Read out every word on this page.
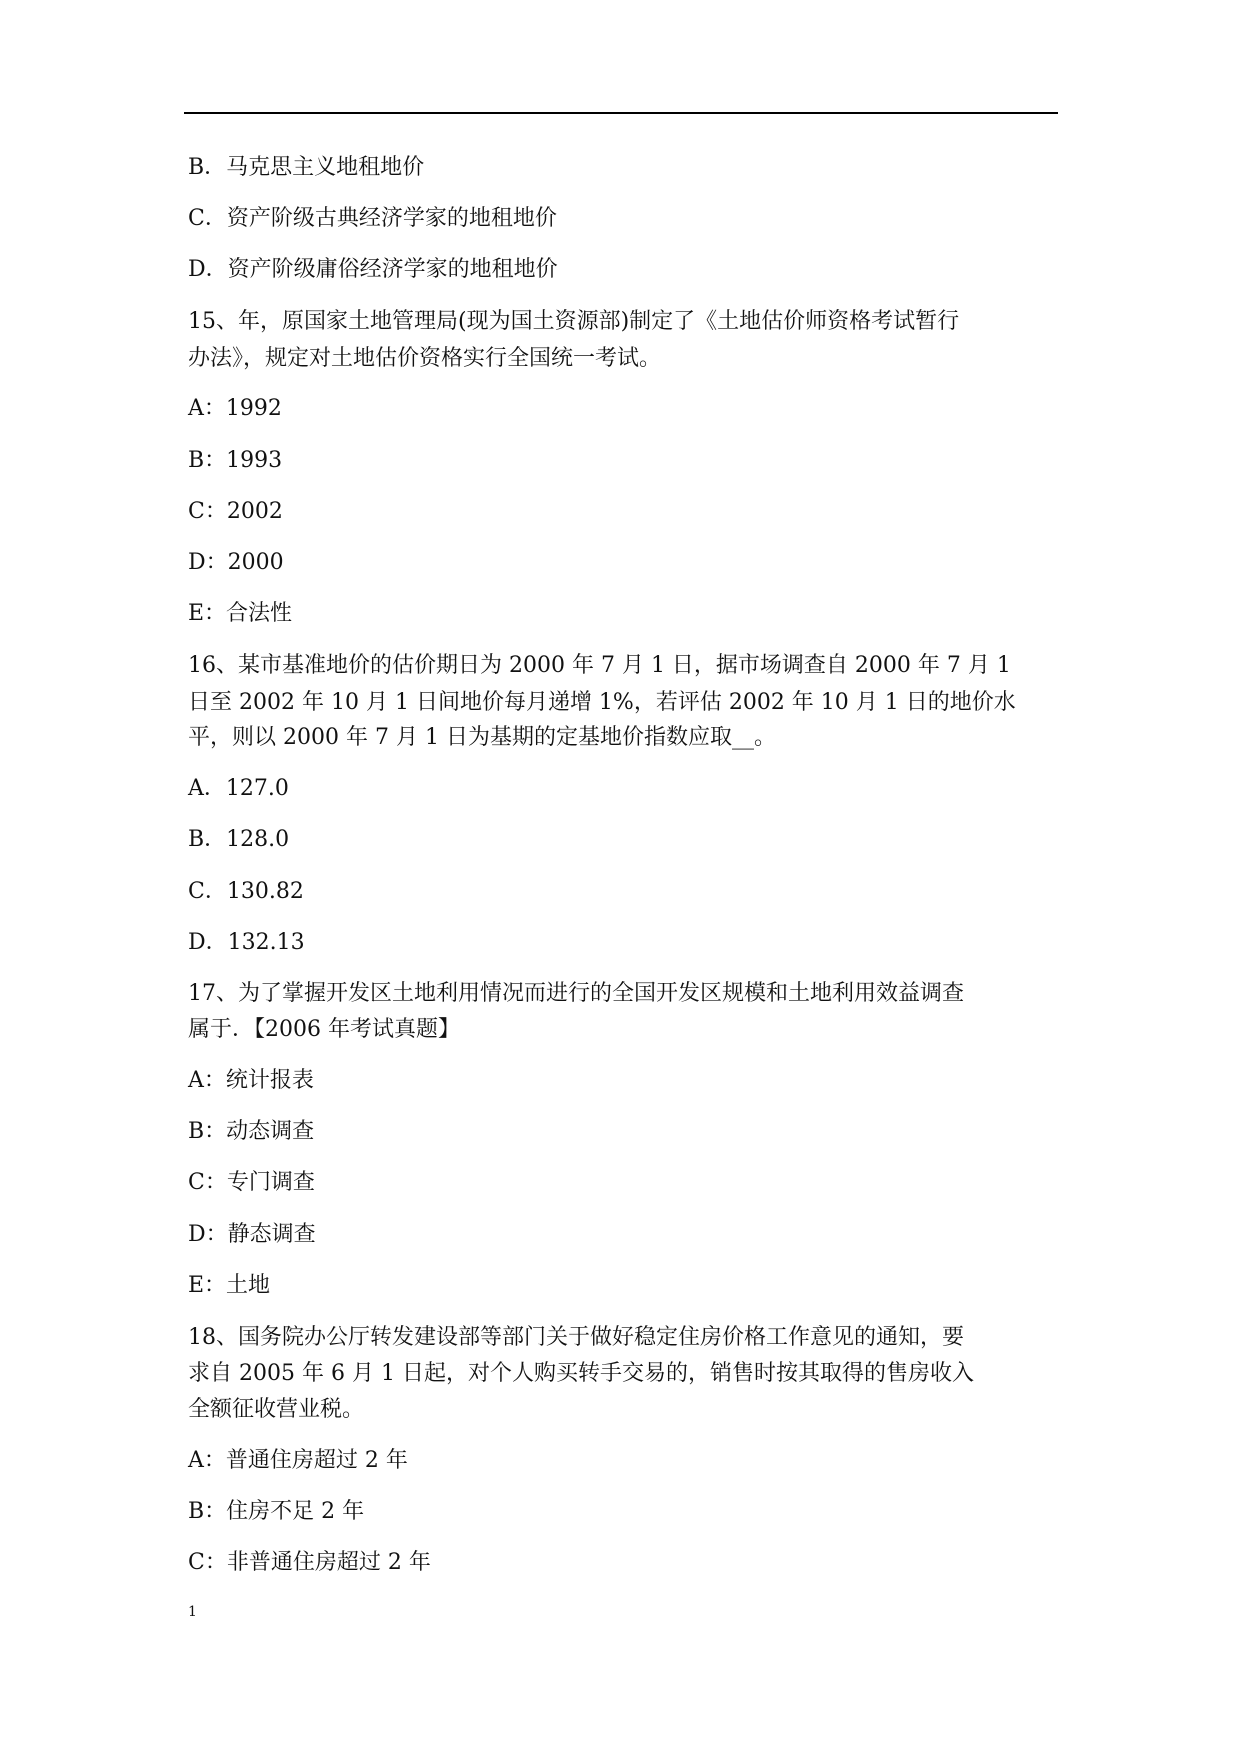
B．马克思主义地租地价
C．资产阶级古典经济学家的地租地价
D．资产阶级庸俗经济学家的地租地价
15、年，原国家土地管理局(现为国土资源部)制定了《土地估价师资格考试暂行
办法》，规定对土地估价资格实行全国统一考试。
A：1992
B：1993
C：2002
D：2000
E：合法性
16、某市基准地价的估价期日为 2000 年 7 月 1 日，据市场调查自 2000 年 7 月 1
日至 2002 年 10 月 1 日间地价每月递增 1%，若评估 2002 年 10 月 1 日的地价水
平，则以 2000 年 7 月 1 日为基期的定基地价指数应取__。
A．127.0
B．128.0
C．130.82
D．132.13
17、为了掌握开发区土地利用情况而进行的全国开发区规模和土地利用效益调查
属于．【2006 年考试真题】
A：统计报表
B：动态调查
C：专门调查
D：静态调查
E：土地
18、国务院办公厅转发建设部等部门关于做好稳定住房价格工作意见的通知，要
求自 2005 年 6 月 1 日起，对个人购买转手交易的，销售时按其取得的售房收入
全额征收营业税。
A：普通住房超过 2 年
B：住房不足 2 年
C：非普通住房超过 2 年
1
